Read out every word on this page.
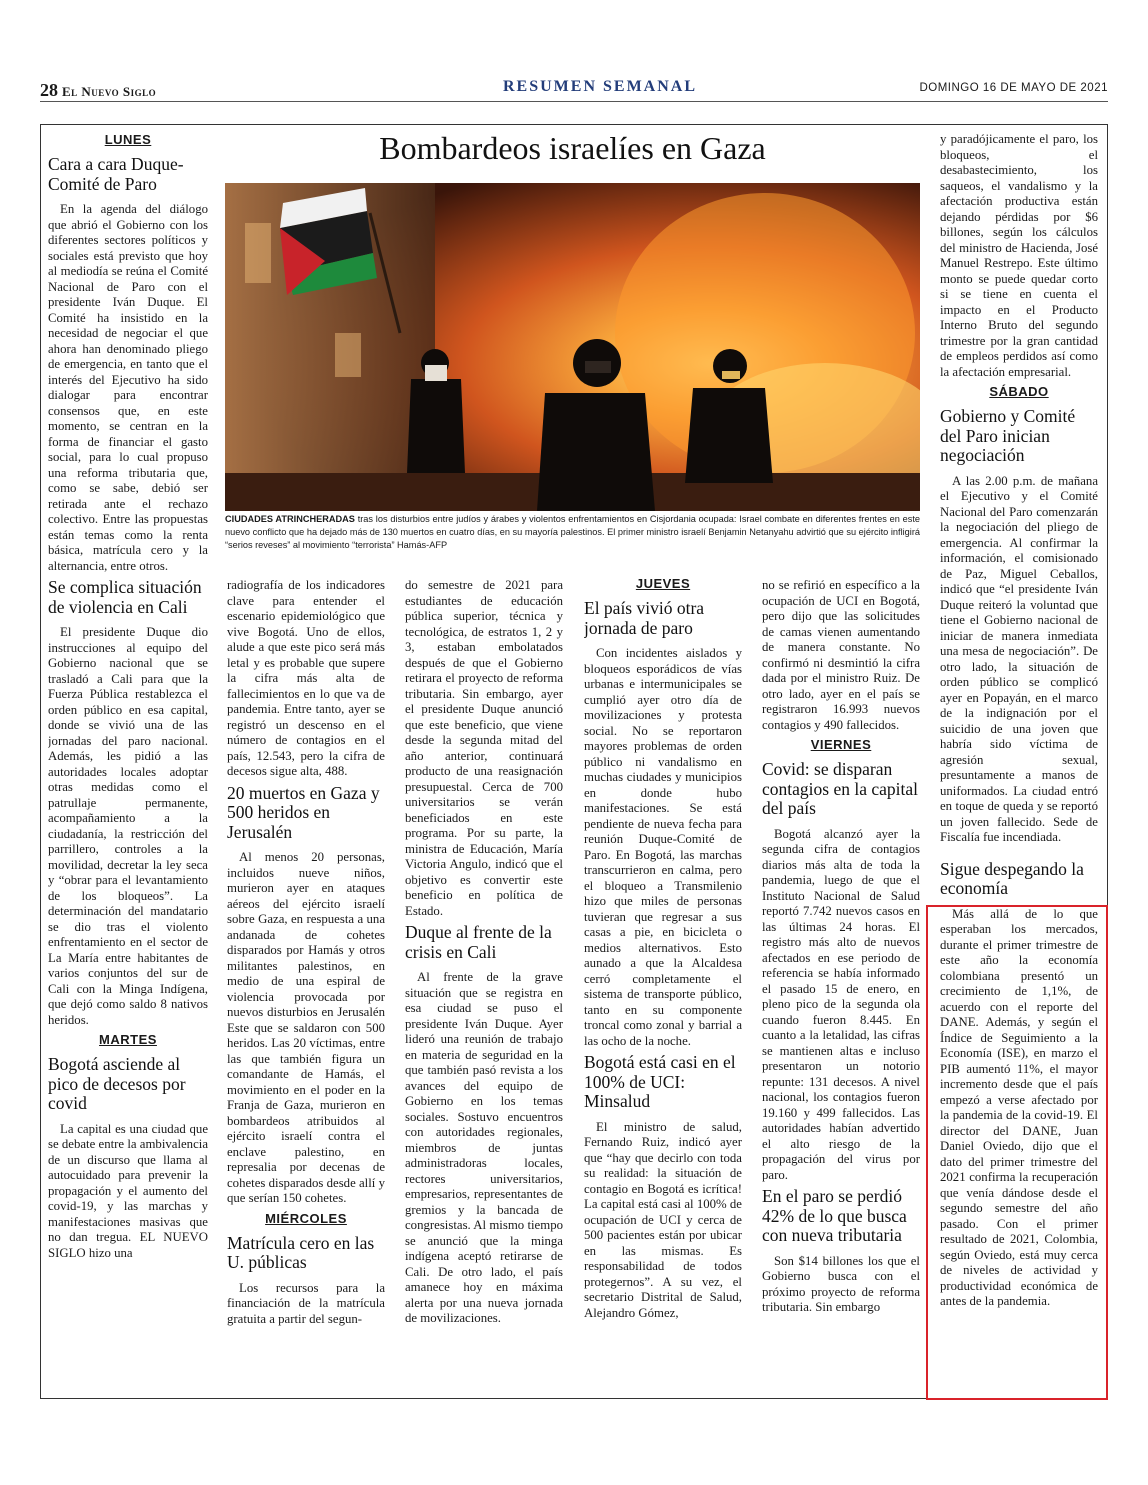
28 El Nuevo Siglo	RESUMEN SEMANAL	DOMINGO 16 DE MAYO DE 2021
LUNES
Cara a cara Duque-Comité de Paro

En la agenda del diálogo que abrió el Gobierno con los diferentes sectores políticos y sociales está previsto que hoy al mediodía se reúna el Comité Nacional de Paro con el presidente Iván Duque. El Comité ha insistido en la necesidad de negociar el que ahora han denominado pliego de emergencia, en tanto que el interés del Ejecutivo ha sido dialogar para encontrar consensos que, en este momento, se centran en la forma de financiar el gasto social, para lo cual propuso una reforma tributaria que, como se sabe, debió ser retirada ante el rechazo colectivo. Entre las propuestas están temas como la renta básica, matrícula cero y la alternancia, entre otros.

Se complica situación de violencia en Cali

El presidente Duque dio instrucciones al equipo del Gobierno nacional que se trasladó a Cali para que la Fuerza Pública restablezca el orden público en esa capital, donde se vivió una de las jornadas del paro nacional. Además, les pidió a las autoridades locales adoptar otras medidas como el patrullaje permanente, acompañamiento a la ciudadanía, la restricción del parrillero, controles a la movilidad, decretar la ley seca y “obrar para el levantamiento de los bloqueos”. La determinación del mandatario se dio tras el violento enfrentamiento en el sector de La María entre habitantes de varios conjuntos del sur de Cali con la Minga Indígena, que dejó como saldo 8 nativos heridos.

MARTES
Bogotá asciende al pico de decesos por covid

La capital es una ciudad que se debate entre la ambivalencia de un discurso que llama al autocuidado para prevenir la propagación y el aumento del covid-19, y las marchas y manifestaciones masivas que no dan tregua. EL NUEVO SIGLO hizo una

Bombardeos israelíes en Gaza
CIUDADES ATRINCHERADAS tras los disturbios entre judíos y árabes y violentos enfrentamientos en Cisjordania ocupada: Israel combate en diferentes frentes en este nuevo conflicto que ha dejado más de 130 muertos en cuatro días, en su mayoría palestinos. El primer ministro israelí Benjamin Netanyahu advirtió que su ejército infligirá “serios reveses” al movimiento “terrorista” Hamás-AFP

radiografía de los indicadores clave para entender el escenario epidemiológico que vive Bogotá. Uno de ellos, alude a que este pico será más letal y es probable que supere la cifra más alta de fallecimientos en lo que va de pandemia. Entre tanto, ayer se registró un descenso en el número de contagios en el país, 12.543, pero la cifra de decesos sigue alta, 488.

20 muertos en Gaza y 500 heridos en Jerusalén

Al menos 20 personas, incluidos nueve niños, murieron ayer en ataques aéreos del ejército israelí sobre Gaza, en respuesta a una andanada de cohetes disparados por Hamás y otros militantes palestinos, en medio de una espiral de violencia provocada por nuevos disturbios en Jerusalén Este que se saldaron con 500 heridos. Las 20 víctimas, entre las que también figura un comandante de Hamás, el movimiento en el poder en la Franja de Gaza, murieron en bombardeos atribuidos al ejército israelí contra el enclave palestino, en represalia por decenas de cohetes disparados desde allí y que serían 150 cohetes.

MIÉRCOLES
Matrícula cero en las U. públicas

Los recursos para la financiación de la matrícula gratuita a partir del segun-

do semestre de 2021 para estudiantes de educación pública superior, técnica y tecnológica, de estratos 1, 2 y 3, estaban embolatados después de que el Gobierno retirara el proyecto de reforma tributaria. Sin embargo, ayer el presidente Duque anunció que este beneficio, que viene desde la segunda mitad del año anterior, continuará producto de una reasignación presupuestal. Cerca de 700 universitarios se verán beneficiados en este programa. Por su parte, la ministra de Educación, María Victoria Angulo, indicó que el objetivo es convertir este beneficio en política de Estado.

Duque al frente de la crisis en Cali

Al frente de la grave situación que se registra en esa ciudad se puso el presidente Iván Duque. Ayer lideró una reunión de trabajo en materia de seguridad en la que también pasó revista a los avances del equipo de Gobierno en los temas sociales. Sostuvo encuentros con autoridades regionales, miembros de juntas administradoras locales, rectores universitarios, empresarios, representantes de gremios y la bancada de congresistas. Al mismo tiempo se anunció que la minga indígena aceptó retirarse de Cali. De otro lado, el país amanece hoy en máxima alerta por una nueva jornada de movilizaciones.

JUEVES
El país vivió otra jornada de paro

Con incidentes aislados y bloqueos esporádicos de vías urbanas e intermunicipales se cumplió ayer otro día de movilizaciones y protesta social. No se reportaron mayores problemas de orden público ni vandalismo en muchas ciudades y municipios en donde hubo manifestaciones. Se está pendiente de nueva fecha para reunión Duque-Comité de Paro. En Bogotá, las marchas transcurrieron en calma, pero el bloqueo a Transmilenio hizo que miles de personas tuvieran que regresar a sus casas a pie, en bicicleta o medios alternativos. Esto aunado a que la Alcaldesa cerró completamente el sistema de transporte público, tanto en su componente troncal como zonal y barrial a las ocho de la noche.

Bogotá está casi en el 100% de UCI: Minsalud

El ministro de salud, Fernando Ruiz, indicó ayer que “hay que decirlo con toda su realidad: la situación de contagio en Bogotá es icrítica! La capital está casi al 100% de ocupación de UCI y cerca de 500 pacientes están por ubicar en las mismas. Es responsabilidad de todos protegernos”. A su vez, el secretario Distrital de Salud, Alejandro Gómez,

no se refirió en específico a la ocupación de UCI en Bogotá, pero dijo que las solicitudes de camas vienen aumentando de manera constante. No confirmó ni desmintió la cifra dada por el ministro Ruiz. De otro lado, ayer en el país se registraron 16.993 nuevos contagios y 490 fallecidos.

VIERNES
Covid: se disparan contagios en la capital del país

Bogotá alcanzó ayer la segunda cifra de contagios diarios más alta de toda la pandemia, luego de que el Instituto Nacional de Salud reportó 7.742 nuevos casos en las últimas 24 horas. El registro más alto de nuevos afectados en ese periodo de referencia se había informado el pasado 15 de enero, en pleno pico de la segunda ola cuando fueron 8.445. En cuanto a la letalidad, las cifras se mantienen altas e incluso presentaron un notorio repunte: 131 decesos. A nivel nacional, los contagios fueron 19.160 y 499 fallecidos. Las autoridades habían advertido el alto riesgo de la propagación del virus por paro.

En el paro se perdió 42% de lo que busca con nueva tributaria

Son $14 billones los que el Gobierno busca con el próximo proyecto de reforma tributaria. Sin embargo

y paradójicamente el paro, los bloqueos, el desabastecimiento, los saqueos, el vandalismo y la afectación productiva están dejando pérdidas por $6 billones, según los cálculos del ministro de Hacienda, José Manuel Restrepo. Este último monto se puede quedar corto si se tiene en cuenta el impacto en el Producto Interno Bruto del segundo trimestre por la gran cantidad de empleos perdidos así como la afectación empresarial.

SÁBADO
Gobierno y Comité del Paro inician negociación

A las 2.00 p.m. de mañana el Ejecutivo y el Comité Nacional del Paro comenzarán la negociación del pliego de emergencia. Al confirmar la información, el comisionado de Paz, Miguel Ceballos, indicó que “el presidente Iván Duque reiteró la voluntad que tiene el Gobierno nacional de iniciar de manera inmediata una mesa de negociación”. De otro lado, la situación de orden público se complicó ayer en Popayán, en el marco de la indignación por el suicidio de una joven que habría sido víctima de agresión sexual, presuntamente a manos de uniformados. La ciudad entró en toque de queda y se reportó un joven fallecido. Sede de Fiscalía fue incendiada.

Sigue despegando la economía

Más allá de lo que esperaban los mercados, durante el primer trimestre de este año la economía colombiana presentó un crecimiento de 1,1%, de acuerdo con el reporte del DANE. Además, y según el Índice de Seguimiento a la Economía (ISE), en marzo el PIB aumentó 11%, el mayor incremento desde que el país empezó a verse afectado por la pandemia de la covid-19. El director del DANE, Juan Daniel Oviedo, dijo que el dato del primer trimestre del 2021 confirma la recuperación que venía dándose desde el segundo semestre del año pasado. Con el primer resultado de 2021, Colombia, según Oviedo, está muy cerca de niveles de actividad y productividad económica de antes de la pandemia.
